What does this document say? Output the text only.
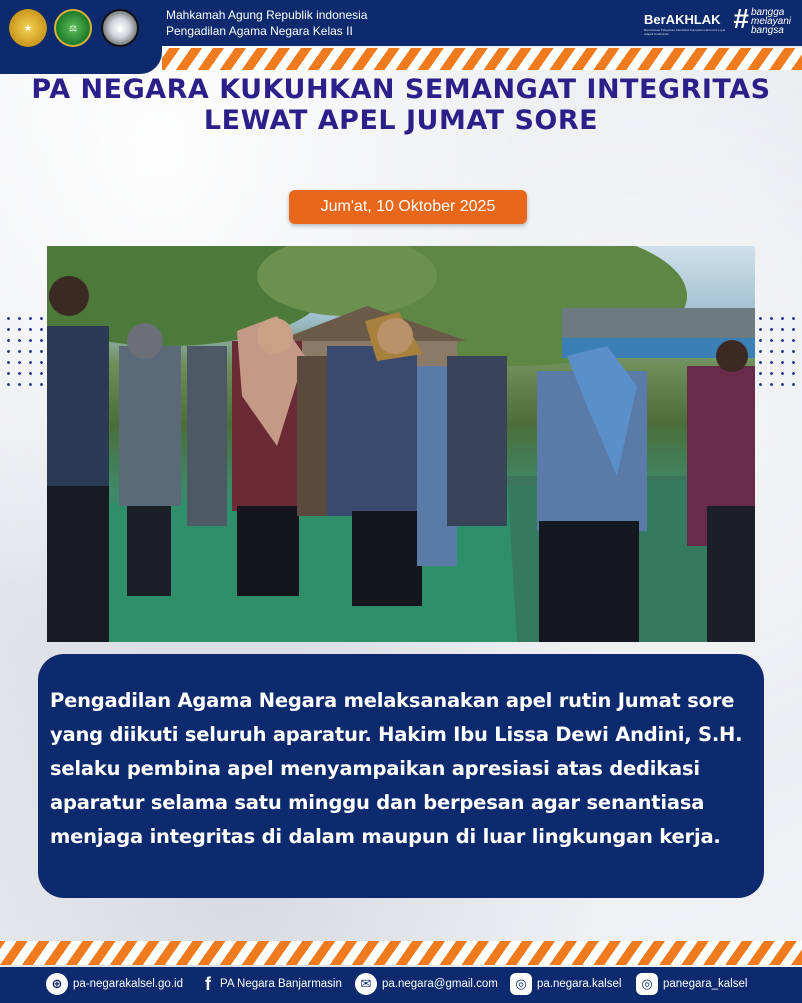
★	⚖	◆
Mahkamah Agung Republik indonesia
Pengadilan Agama Negara Kelas II
BerAKHLAK
Berorientasi Pelayanan Akuntabel Kompeten Harmonis Loyal Adaptif Kolaboratif	# bangga
melayani
bangsa
PA NEGARA KUKUHKAN SEMANGAT INTEGRITAS
LEWAT APEL JUMAT SORE
Jum'at, 10 Oktober 2025
Pengadilan Agama Negara melaksanakan apel rutin Jumat sore yang diikuti seluruh aparatur. Hakim Ibu Lissa Dewi Andini, S.H. selaku pembina apel menyampaikan apresiasi atas dedikasi aparatur selama satu minggu dan berpesan agar senantiasa menjaga integritas di dalam maupun di luar lingkungan kerja.
⊕ pa-negarakalsel.go.id f PA Negara Banjarmasin	✉ pa.negara@gmail.com	◎ pa.negara.kalsel	◎ panegara_kalsel
